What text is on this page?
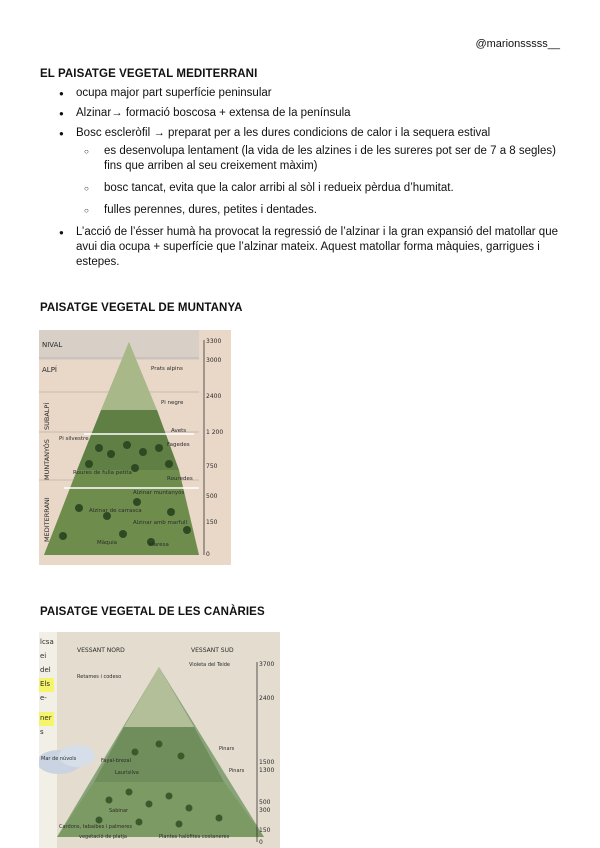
@marionsssss__
EL PAISATGE VEGETAL MEDITERRANI
● ocupa major part superfície peninsular
● Alzinar→ formació boscosa + extensa de la península
● Bosc escleròfil → preparat per a les dures condicions de calor i la sequera estival
○ es desenvolupa lentament (la vida de les alzines i de les sureres pot ser de 7 a 8 segles) fins que arriben al seu creixement màxim)
○ bosc tancat, evita que la calor arribi al sòl i redueix pèrdua d’humitat.
○ fulles perennes, dures, petites i dentades.
● L’acció de l’ésser humà ha provocat la regressió de l’alzinar i la gran expansió del matollar que avui dia ocupa + superfície que l’alzinar mateix. Aquest matollar forma màquies, garrigues i estepes.
PAISATGE VEGETAL DE MUNTANYA
NIVAL
ALPÍ
SUBALPÍ
MUNTANYÓS
MEDITERRANI
3300
3000
2400
1 200
750
500
150
0
Prats alpins
Pi negre
Avets
Fagedes
Pi silvestre
Roures de fulla petita
Rouredes
Alzinar muntanyós
Alzinar de carrasca
Alzinar amb marfull
Màquia	Maresa
PAISATGE VEGETAL DE LES CANÀRIES
lcsa
ei
del
Els
e-
ner
s
VESSANT NORD	VESSANT SUD
3700
2400
1500
1300
500
300
150
0
Violeta del Teide
Retames i codeso
Pinars
Pinars
Fayal-brezal
Laurisilva
Sabinar
Mar de núvols
Cardons, tabaibes i palmeres
vegetació de platja	Plantes halòfites costaneres
